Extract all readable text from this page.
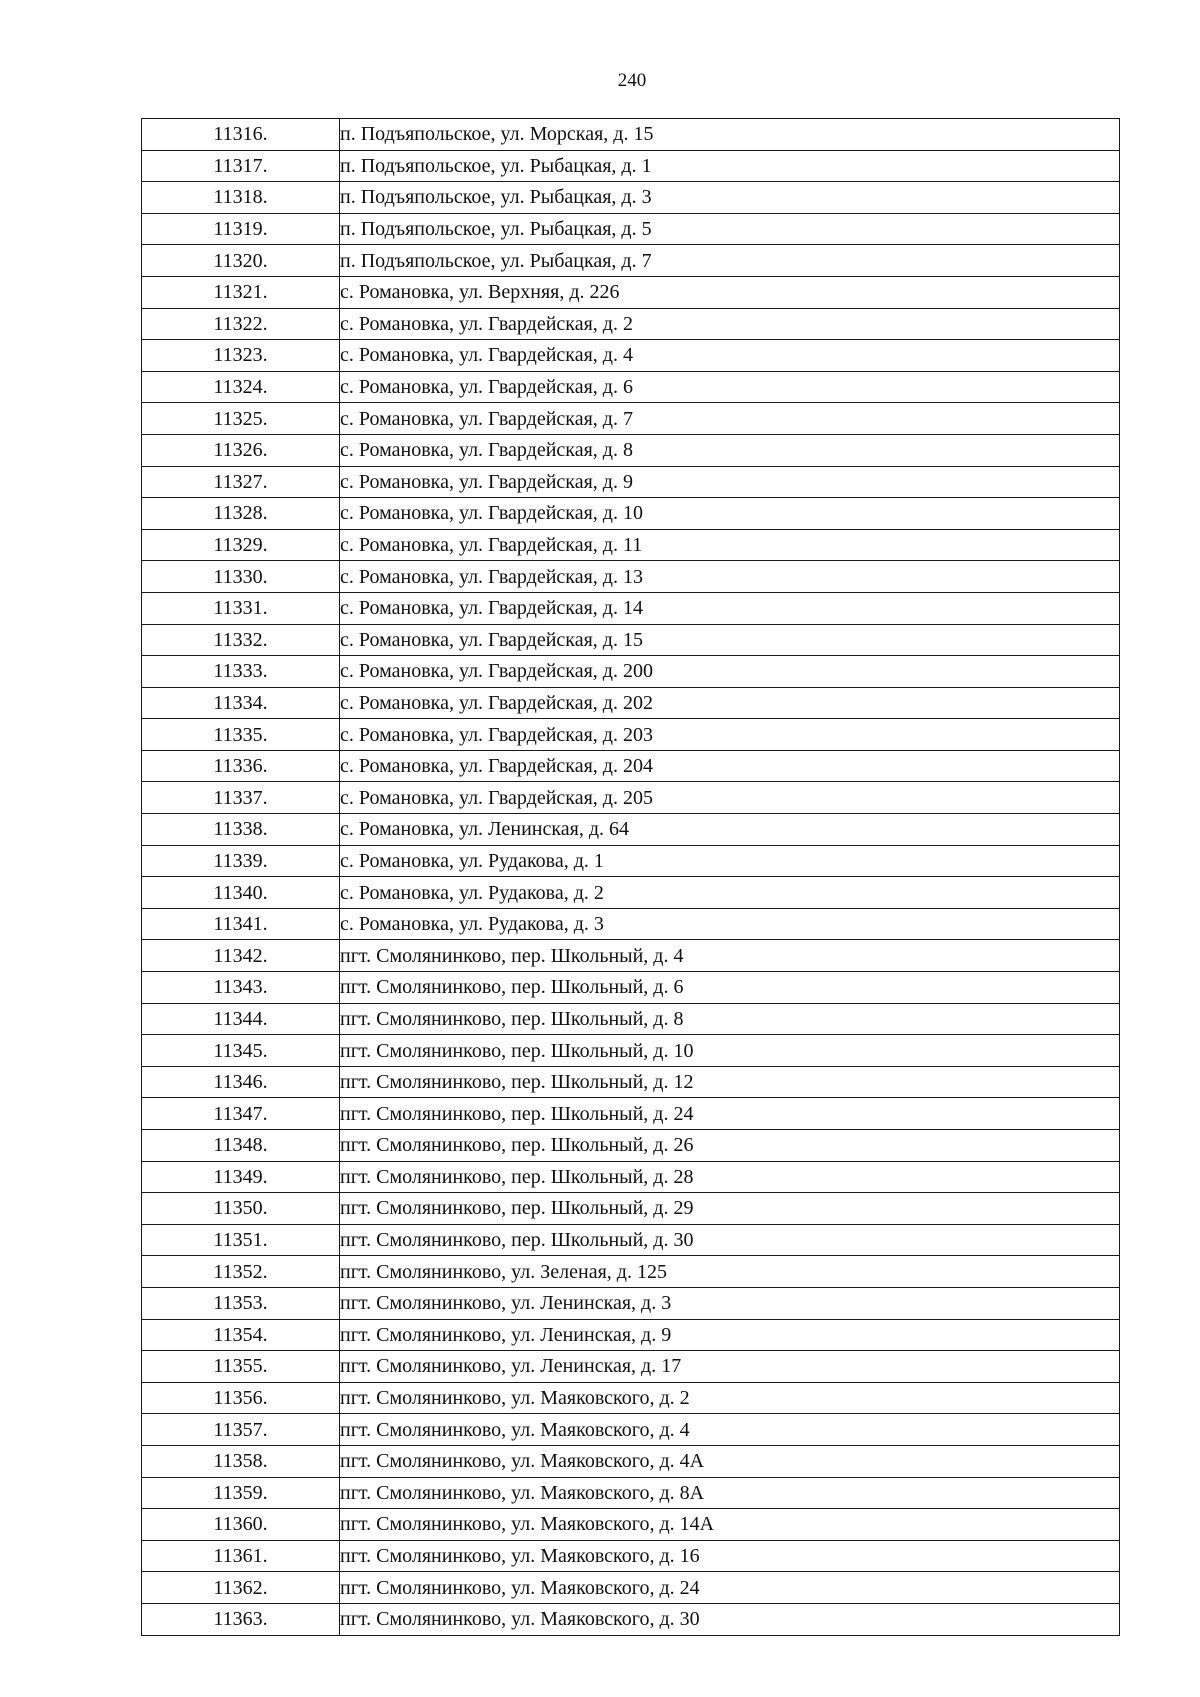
240
11316.	п. Подъяпольское, ул. Морская, д. 15
11317.	п. Подъяпольское, ул. Рыбацкая, д. 1
11318.	п. Подъяпольское, ул. Рыбацкая, д. 3
11319.	п. Подъяпольское, ул. Рыбацкая, д. 5
11320.	п. Подъяпольское, ул. Рыбацкая, д. 7
11321.	с. Романовка, ул. Верхняя, д. 226
11322.	с. Романовка, ул. Гвардейская, д. 2
11323.	с. Романовка, ул. Гвардейская, д. 4
11324.	с. Романовка, ул. Гвардейская, д. 6
11325.	с. Романовка, ул. Гвардейская, д. 7
11326.	с. Романовка, ул. Гвардейская, д. 8
11327.	с. Романовка, ул. Гвардейская, д. 9
11328.	с. Романовка, ул. Гвардейская, д. 10
11329.	с. Романовка, ул. Гвардейская, д. 11
11330.	с. Романовка, ул. Гвардейская, д. 13
11331.	с. Романовка, ул. Гвардейская, д. 14
11332.	с. Романовка, ул. Гвардейская, д. 15
11333.	с. Романовка, ул. Гвардейская, д. 200
11334.	с. Романовка, ул. Гвардейская, д. 202
11335.	с. Романовка, ул. Гвардейская, д. 203
11336.	с. Романовка, ул. Гвардейская, д. 204
11337.	с. Романовка, ул. Гвардейская, д. 205
11338.	с. Романовка, ул. Ленинская, д. 64
11339.	с. Романовка, ул. Рудакова, д. 1
11340.	с. Романовка, ул. Рудакова, д. 2
11341.	с. Романовка, ул. Рудакова, д. 3
11342.	пгт. Смолянинково, пер. Школьный, д. 4
11343.	пгт. Смолянинково, пер. Школьный, д. 6
11344.	пгт. Смолянинково, пер. Школьный, д. 8
11345.	пгт. Смолянинково, пер. Школьный, д. 10
11346.	пгт. Смолянинково, пер. Школьный, д. 12
11347.	пгт. Смолянинково, пер. Школьный, д. 24
11348.	пгт. Смолянинково, пер. Школьный, д. 26
11349.	пгт. Смолянинково, пер. Школьный, д. 28
11350.	пгт. Смолянинково, пер. Школьный, д. 29
11351.	пгт. Смолянинково, пер. Школьный, д. 30
11352.	пгт. Смолянинково, ул. Зеленая, д. 125
11353.	пгт. Смолянинково, ул. Ленинская, д. 3
11354.	пгт. Смолянинково, ул. Ленинская, д. 9
11355.	пгт. Смолянинково, ул. Ленинская, д. 17
11356.	пгт. Смолянинково, ул. Маяковского, д. 2
11357.	пгт. Смолянинково, ул. Маяковского, д. 4
11358.	пгт. Смолянинково, ул. Маяковского, д. 4А
11359.	пгт. Смолянинково, ул. Маяковского, д. 8А
11360.	пгт. Смолянинково, ул. Маяковского, д. 14А
11361.	пгт. Смолянинково, ул. Маяковского, д. 16
11362.	пгт. Смолянинково, ул. Маяковского, д. 24
11363.	пгт. Смолянинково, ул. Маяковского, д. 30
